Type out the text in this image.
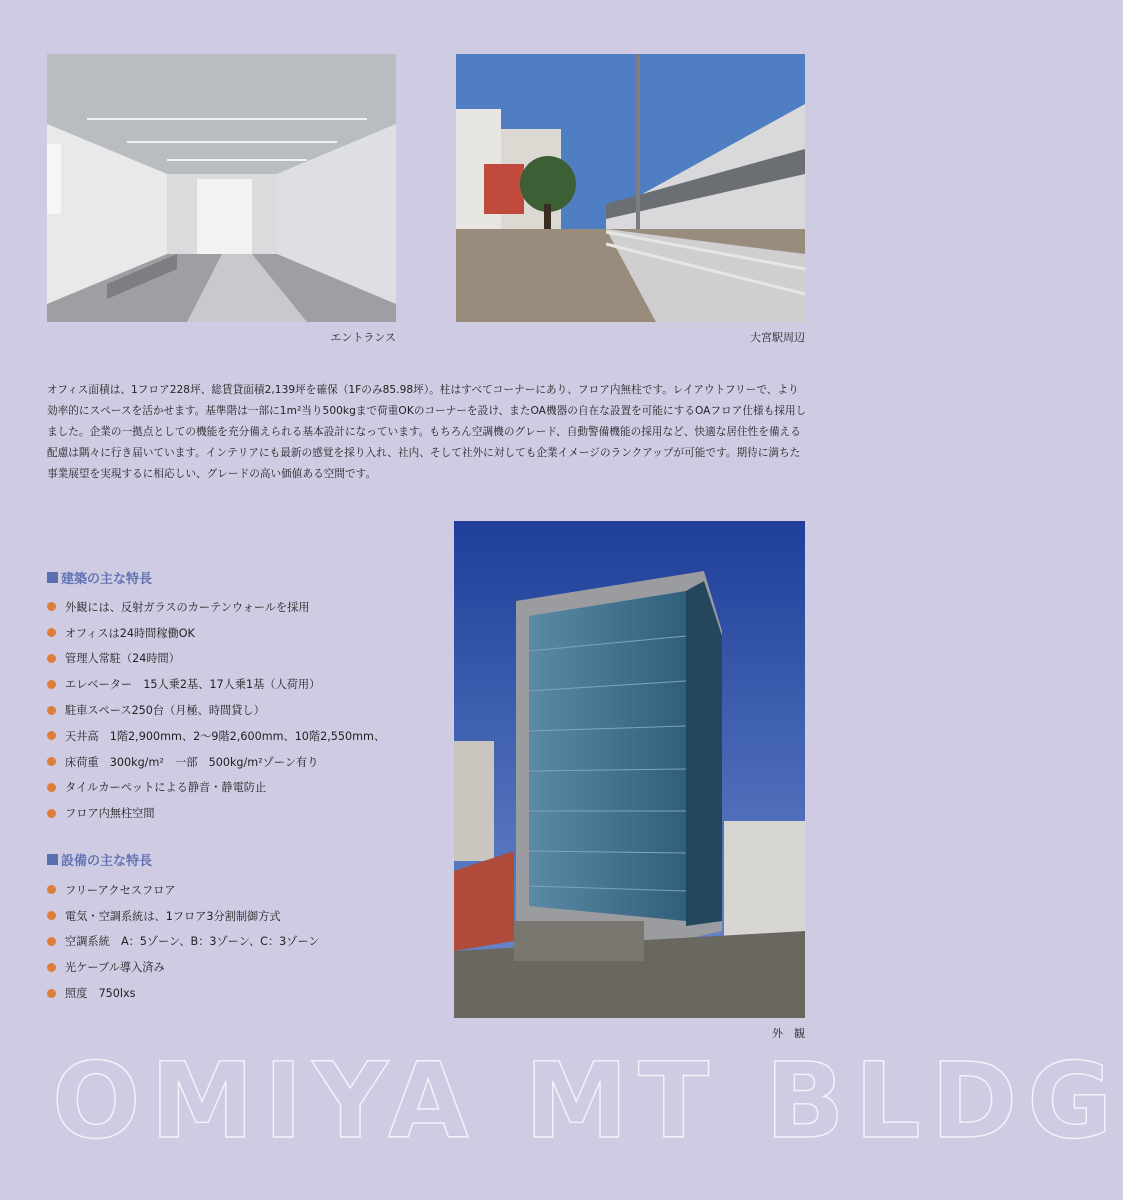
エントランス	大宮駅周辺
オフィス面積は、1フロア228坪、総賃貸面積2,139坪を確保（1Fのみ85.98坪）。柱はすべてコーナーにあり、フロア内無柱です。レイアウトフリーで、より効率的にスペースを活かせます。基準階は一部に1m²当り500kgまで荷重OKのコーナーを設け、またOA機器の自在な設置を可能にするOAフロア仕様も採用しました。企業の一拠点としての機能を充分備えられる基本設計になっています。もちろん空調機のグレード、自動警備機能の採用など、快適な居住性を備える配慮は隅々に行き届いています。インテリアにも最新の感覚を採り入れ、社内、そして社外に対しても企業イメージのランクアップが可能です。期待に満ちた事業展望を実現するに相応しい、グレードの高い価値ある空間です。
建築の主な特長
外観には、反射ガラスのカーテンウォールを採用
オフィスは24時間稼働OK
管理人常駐（24時間）
エレベーター　15人乗2基、17人乗1基（人荷用）
駐車スペース250台（月極、時間貸し）
天井高　1階2,900mm、2〜9階2,600mm、10階2,550mm、
床荷重　300kg/m²　一部　500kg/m²ゾーン有り
タイルカーペットによる静音・静電防止
フロア内無柱空間
設備の主な特長
フリーアクセスフロア
電気・空調系統は、1フロア3分割制御方式
空調系統　A：5ゾーン、B：3ゾーン、C：3ゾーン
光ケーブル導入済み
照度　750lxs
外　観
OMIYA MT BLDG
